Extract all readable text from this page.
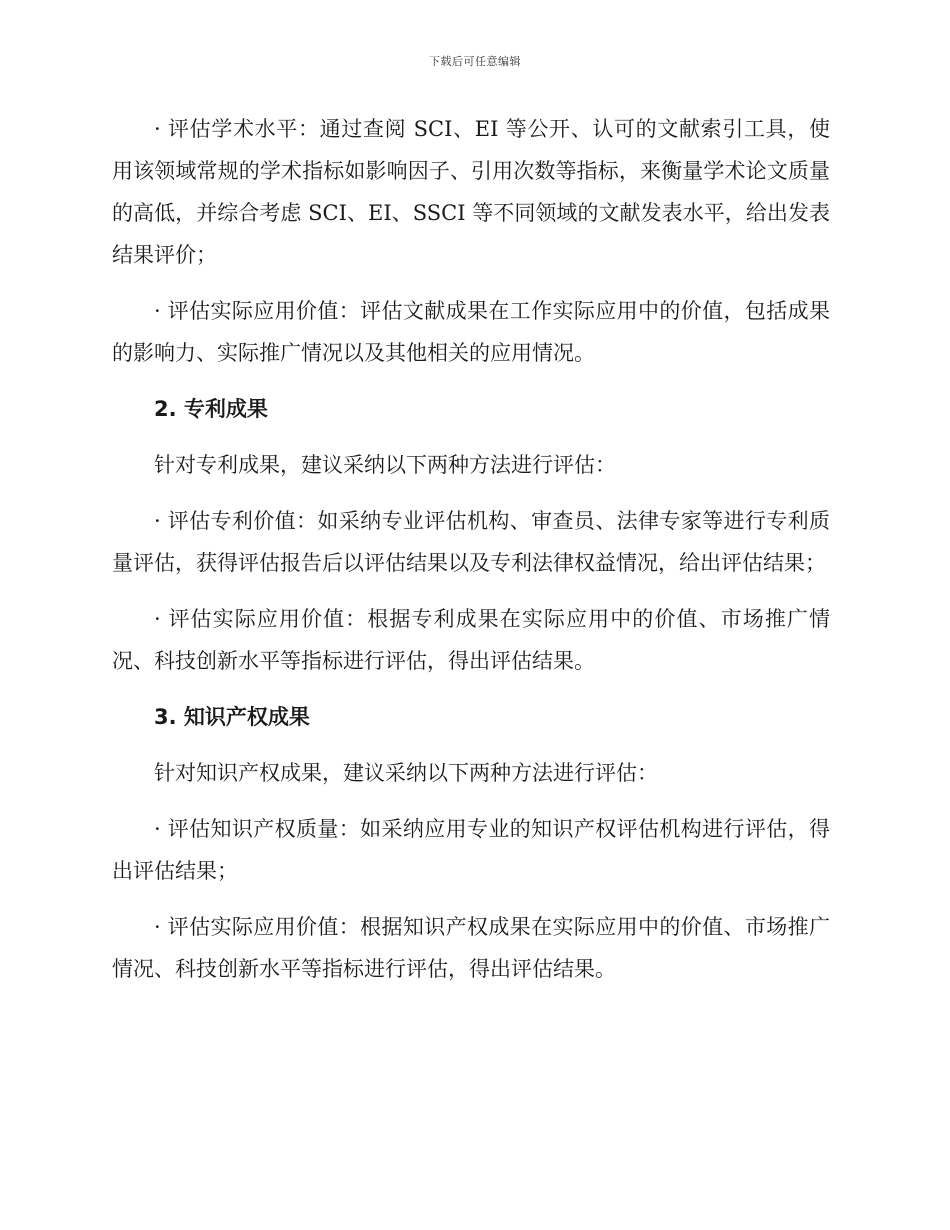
下载后可任意编辑

· 评估学术水平：通过查阅 SCI、EI 等公开、认可的文献索引工具，使用该领域常规的学术指标如影响因子、引用次数等指标，来衡量学术论文质量的高低，并综合考虑 SCI、EI、SSCI 等不同领域的文献发表水平，给出发表结果评价；

· 评估实际应用价值：评估文献成果在工作实际应用中的价值，包括成果的影响力、实际推广情况以及其他相关的应用情况。

2. 专利成果

针对专利成果，建议采纳以下两种方法进行评估：

· 评估专利价值：如采纳专业评估机构、审查员、法律专家等进行专利质量评估，获得评估报告后以评估结果以及专利法律权益情况，给出评估结果；

· 评估实际应用价值：根据专利成果在实际应用中的价值、市场推广情况、科技创新水平等指标进行评估，得出评估结果。

3. 知识产权成果

针对知识产权成果，建议采纳以下两种方法进行评估：

· 评估知识产权质量：如采纳应用专业的知识产权评估机构进行评估，得出评估结果；

· 评估实际应用价值：根据知识产权成果在实际应用中的价值、市场推广情况、科技创新水平等指标进行评估，得出评估结果。
